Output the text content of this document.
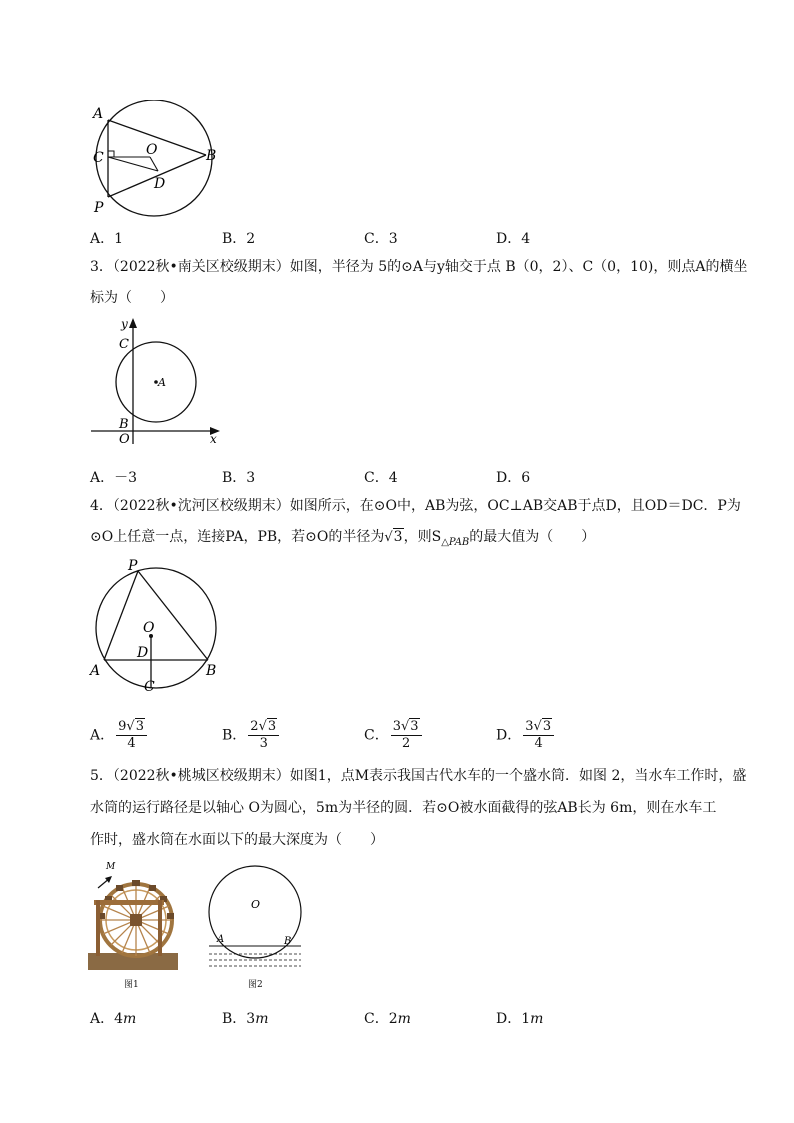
A
C	O
D
B
P
A．1	B．2	C．3	D．4
3．（2022秋•南关区校级期末）如图，半径为 5的⊙A与y轴交于点 B（0，2）、C（0，10)，则点A的横坐
标为（　　）
y
C
A
B
O	x
A．－3	B．3	C．4	D．6
4．（2022秋•沈河区校级期末）如图所示，在⊙O中，AB为弦，OC⊥AB交AB于点D，且OD＝DC．P为
⊙O上任意一点，连接PA，PB，若⊙O的半径为√3，则$S_{\triangle PAB}$的最大值为（　　）
P
O
D
A	B
C
A． $\frac{9√3}{4}$	B． $\frac{2√3}{3}$	C． $\frac{3√3}{2}$	D． $\frac{3√3}{4}$
5．（2022秋•桃城区校级期末）如图1，点M表示我国古代水车的一个盛水筒．如图 2，当水车工作时，盛
水筒的运行路径是以轴心 O为圆心，5m为半径的圆．若⊙O被水面截得的弦AB长为 6m，则在水车工
作时，盛水筒在水面以下的最大深度为（　　）
M
图1
O
A	B
图2
A．4m	B．3m	C．2m	D．1m
